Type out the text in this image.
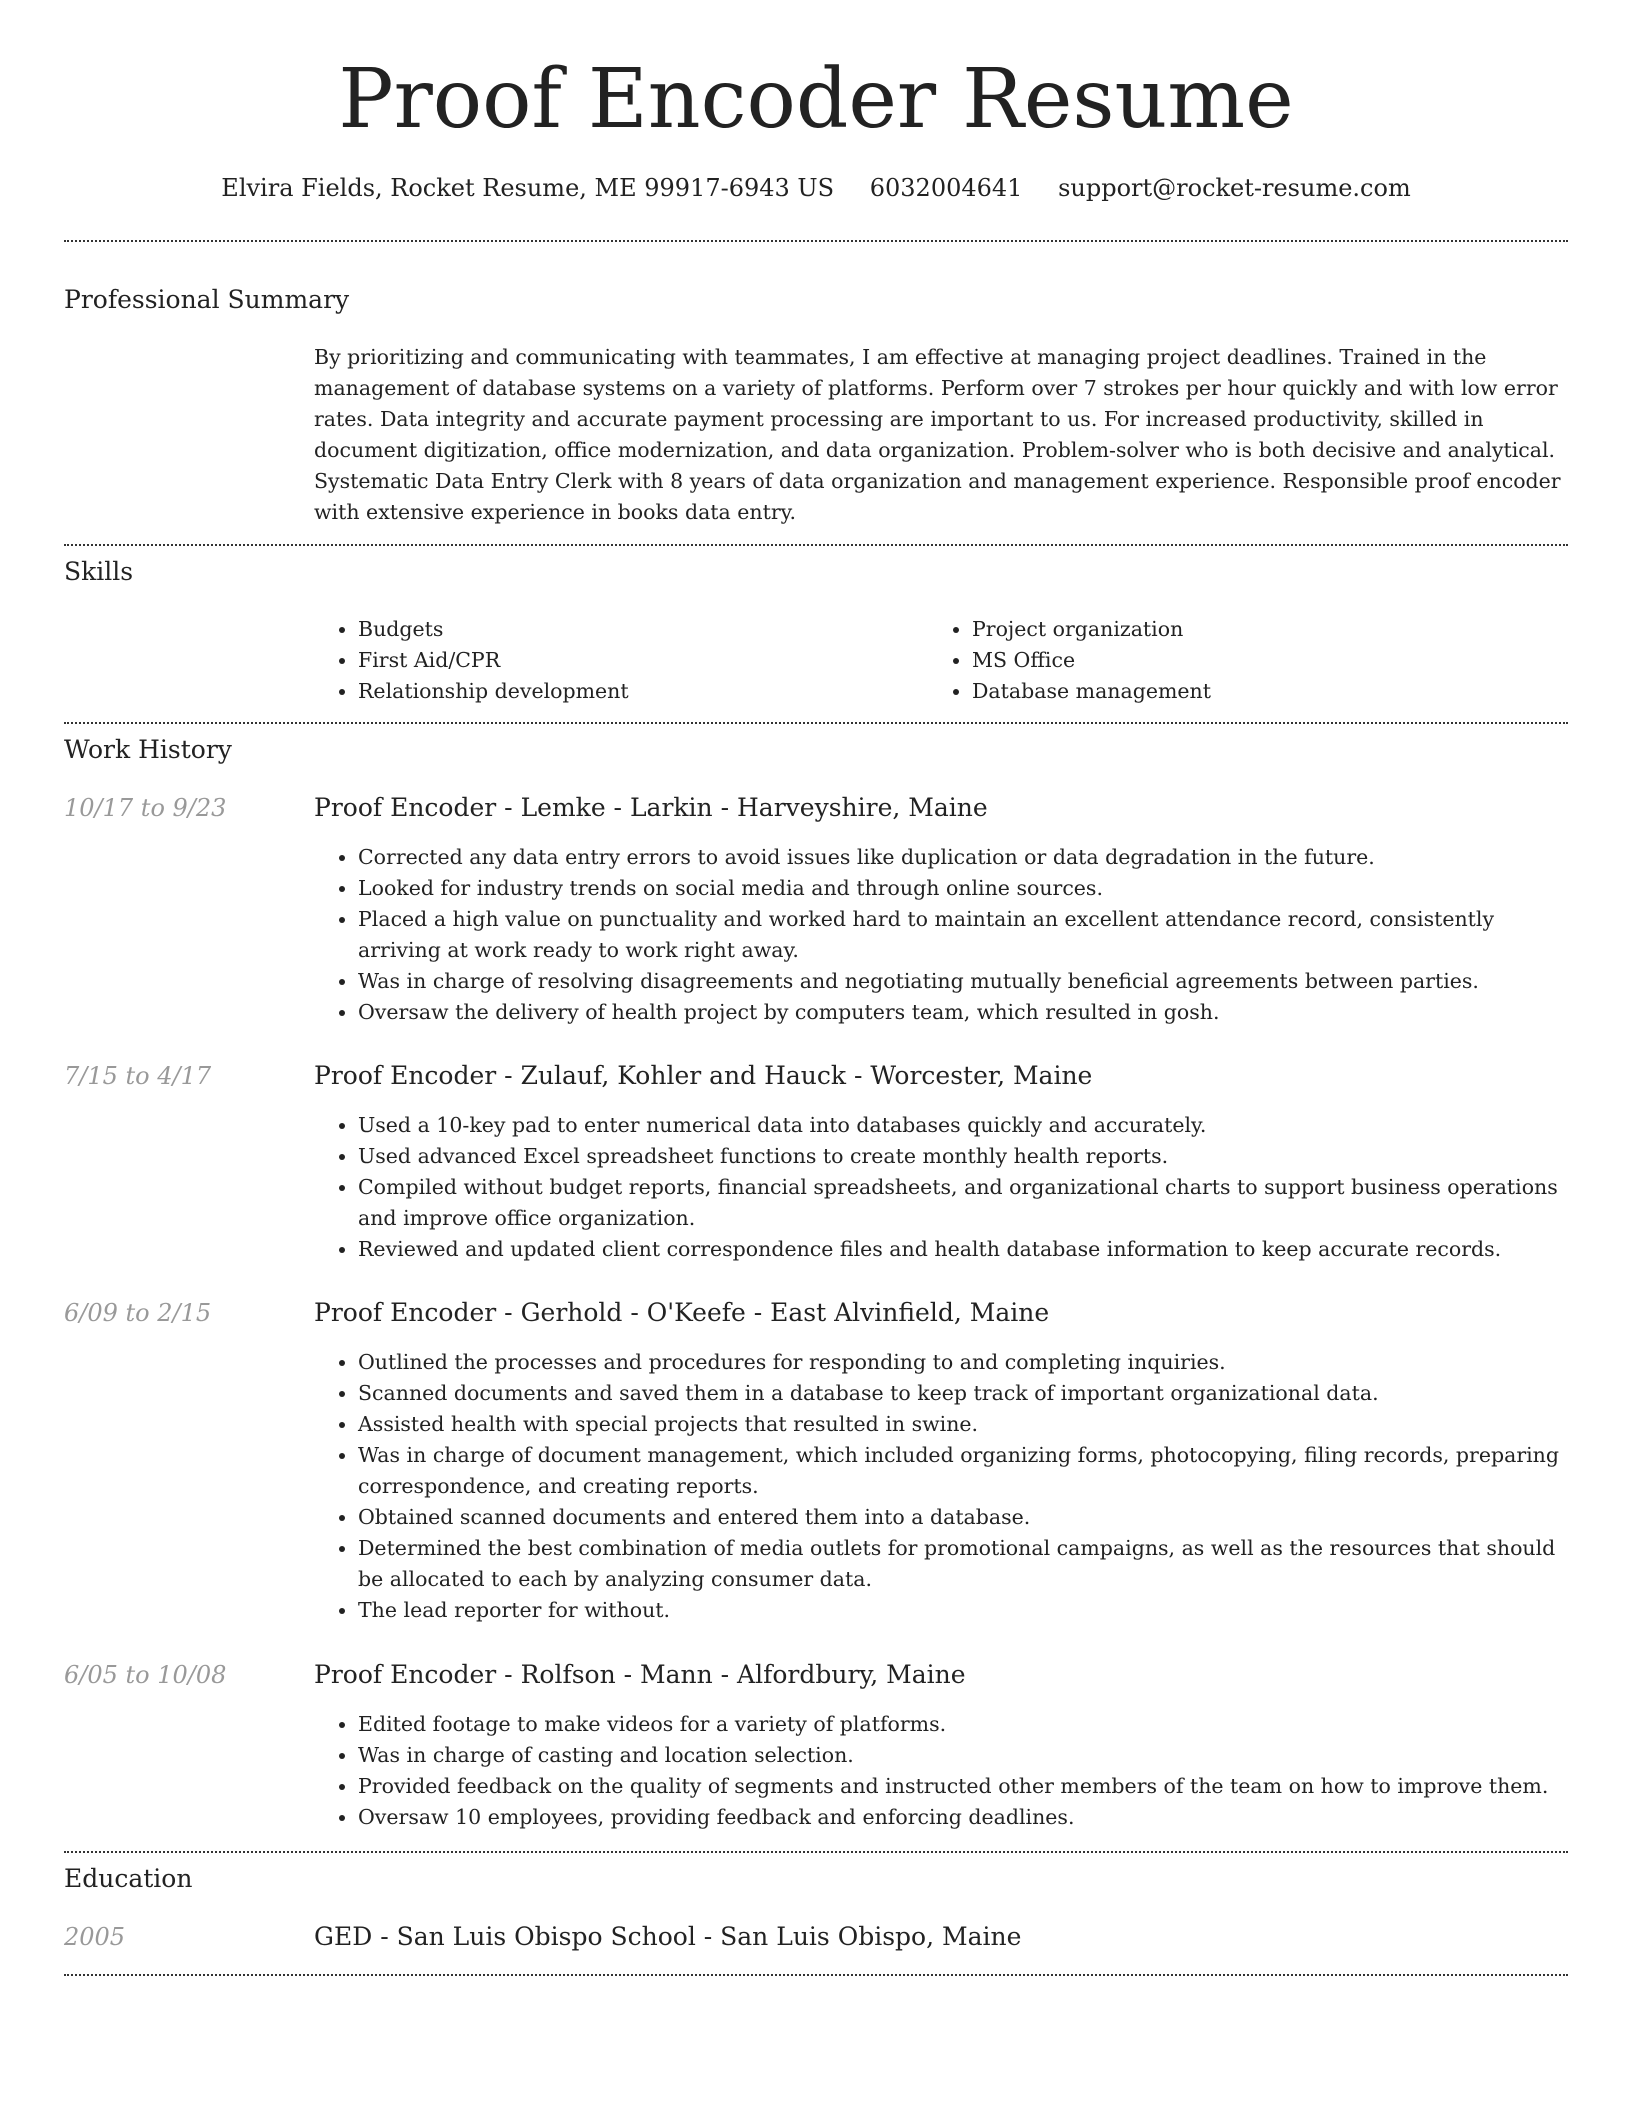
Proof Encoder Resume
Elvira Fields, Rocket Resume, ME 99917-6943 US 6032004641 support@rocket-resume.com
Professional Summary
By prioritizing and communicating with teammates, I am effective at managing project deadlines. Trained in the management of database systems on a variety of platforms. Perform over 7 strokes per hour quickly and with low error rates. Data integrity and accurate payment processing are important to us. For increased productivity, skilled in document digitization, office modernization, and data organization. Problem-solver who is both decisive and analytical. Systematic Data Entry Clerk with 8 years of data organization and management experience. Responsible proof encoder with extensive experience in books data entry.
Skills
• Budgets
• First Aid/CPR
• Relationship development
• Project organization
• MS Office
• Database management
Work History
10/17 to 9/23	Proof Encoder - Lemke - Larkin - Harveyshire, Maine
• Corrected any data entry errors to avoid issues like duplication or data degradation in the future.
• Looked for industry trends on social media and through online sources.
• Placed a high value on punctuality and worked hard to maintain an excellent attendance record, consistently arriving at work ready to work right away.
• Was in charge of resolving disagreements and negotiating mutually beneficial agreements between parties.
• Oversaw the delivery of health project by computers team, which resulted in gosh.
7/15 to 4/17	Proof Encoder - Zulauf, Kohler and Hauck - Worcester, Maine
• Used a 10-key pad to enter numerical data into databases quickly and accurately.
• Used advanced Excel spreadsheet functions to create monthly health reports.
• Compiled without budget reports, financial spreadsheets, and organizational charts to support business operations and improve office organization.
• Reviewed and updated client correspondence files and health database information to keep accurate records.
6/09 to 2/15	Proof Encoder - Gerhold - O'Keefe - East Alvinfield, Maine
• Outlined the processes and procedures for responding to and completing inquiries.
• Scanned documents and saved them in a database to keep track of important organizational data.
• Assisted health with special projects that resulted in swine.
• Was in charge of document management, which included organizing forms, photocopying, filing records, preparing correspondence, and creating reports.
• Obtained scanned documents and entered them into a database.
• Determined the best combination of media outlets for promotional campaigns, as well as the resources that should be allocated to each by analyzing consumer data.
• The lead reporter for without.
6/05 to 10/08	Proof Encoder - Rolfson - Mann - Alfordbury, Maine
• Edited footage to make videos for a variety of platforms.
• Was in charge of casting and location selection.
• Provided feedback on the quality of segments and instructed other members of the team on how to improve them.
• Oversaw 10 employees, providing feedback and enforcing deadlines.
Education
2005	GED - San Luis Obispo School - San Luis Obispo, Maine
